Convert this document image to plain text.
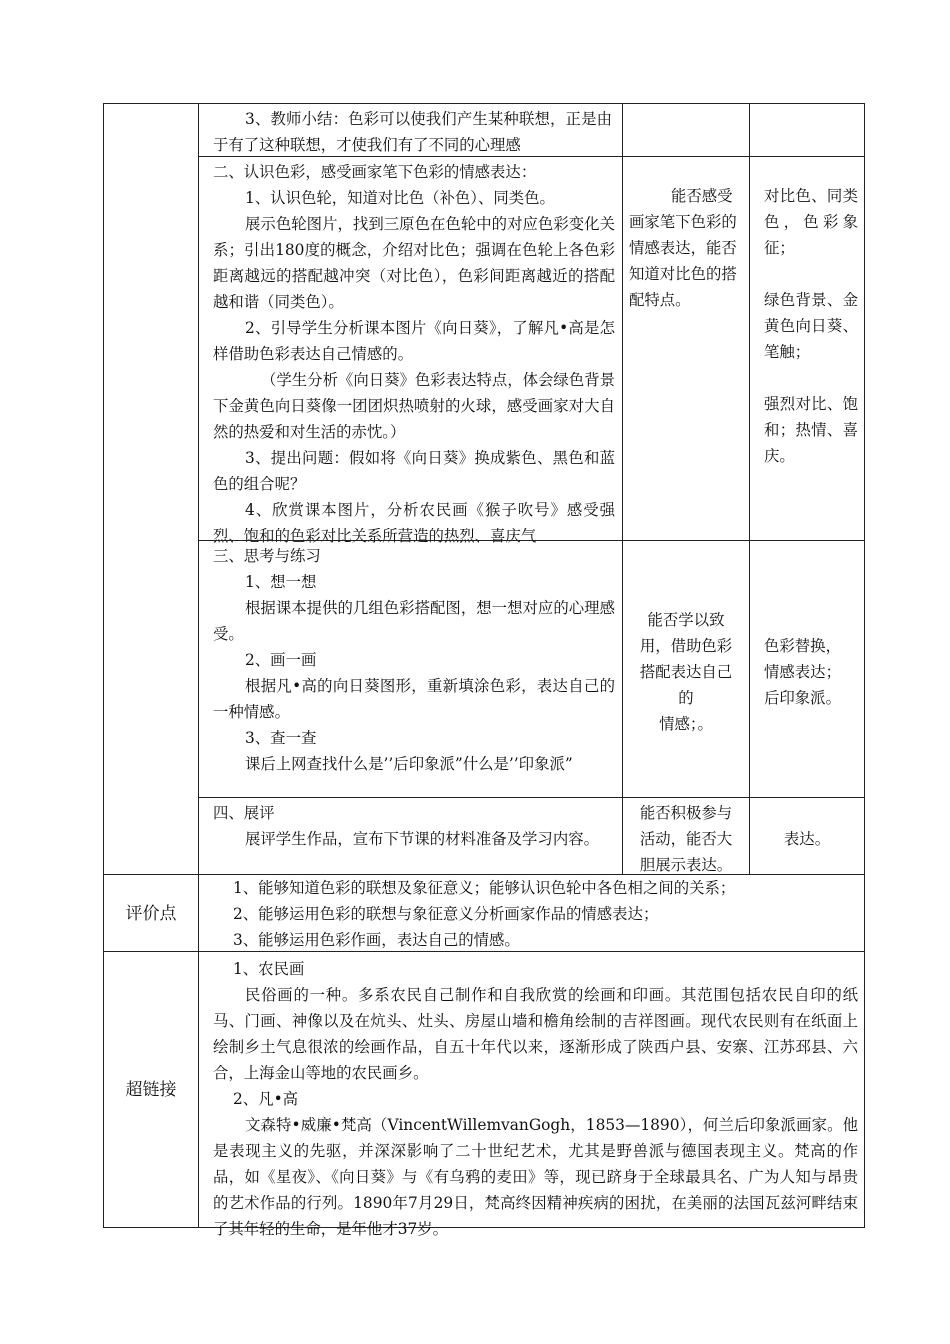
3、教师小结：色彩可以使我们产生某种联想，正是由于有了这种联想，才使我们有了不同的心理感

二、认识色彩，感受画家笔下色彩的情感表达：

1、认识色轮，知道对比色（补色）、同类色。

展示色轮图片，找到三原色在色轮中的对应色彩变化关系；引出180度的概念，介绍对比色；强调在色轮上各色彩距离越远的搭配越冲突（对比色），色彩间距离越近的搭配越和谐（同类色）。

2、引导学生分析课本图片《向日葵》，了解凡•高是怎样借助色彩表达自己情感的。

（学生分析《向日葵》色彩表达特点，体会绿色背景下金黄色向日葵像一团团炽热喷射的火球，感受画家对大自然的热爱和对生活的赤忱。）

3、提出问题：假如将《向日葵》换成紫色、黑色和蓝色的组合呢？

4、欣赏课本图片，分析农民画《猴子吹号》感受强烈、饱和的色彩对比关系所营造的热烈、喜庆气

能否感受画家笔下色彩的情感表达，能否知道对比色的搭配特点。

对比色、同类色，色彩象征；

绿色背景、金黄色向日葵、笔触；

强烈对比、饱和；热情、喜庆。

三、思考与练习

1、想一想

根据课本提供的几组色彩搭配图，想一想对应的心理感受。

2、画一画

根据凡•高的向日葵图形，重新填涂色彩，表达自己的一种情感。

3、查一查

课后上网查找什么是’’后印象派”什么是’’印象派”

能否学以致

用，借助色彩

搭配表达自己

的

情感；。

色彩替换，

情感表达；

后印象派。

四、展评

展评学生作品，宣布下节课的材料准备及学习内容。

能否积极参与

活动，能否大

胆展示表达。

表达。

评价点

1、能够知道色彩的联想及象征意义；能够认识色轮中各色相之间的关系；

2、能够运用色彩的联想与象征意义分析画家作品的情感表达；

3、能够运用色彩作画，表达自己的情感。

超链接

1、农民画

民俗画的一种。多系农民自己制作和自我欣赏的绘画和印画。其范围包括农民自印的纸马、门画、神像以及在炕头、灶头、房屋山墙和檐角绘制的吉祥图画。现代农民则有在纸面上绘制乡土气息很浓的绘画作品，自五十年代以来，逐渐形成了陕西户县、安寨、江苏邳县、六合，上海金山等地的农民画乡。

2、凡•高

文森特•威廉•梵高（VincentWillemvanGogh，1853—1890），何兰后印象派画家。他是表现主义的先驱，并深深影响了二十世纪艺术，尤其是野兽派与德国表现主义。梵高的作品，如《星夜》、《向日葵》与《有乌鸦的麦田》等，现已跻身于全球最具名、广为人知与昂贵的艺术作品的行列。1890年7月29日，梵高终因精神疾病的困扰，在美丽的法国瓦兹河畔结束了其年轻的生命，是年他才37岁。
